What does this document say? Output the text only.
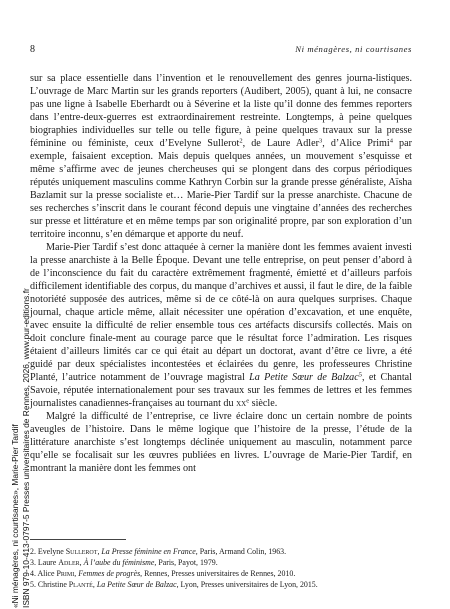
8	Ni ménagères, ni courtisanes

sur sa place essentielle dans l’invention et le renouvellement des genres journa-listiques. L’ouvrage de Marc Martin sur les grands reporters (Audibert, 2005), quant à lui, ne consacre pas une ligne à Isabelle Eberhardt ou à Séverine et la liste qu’il donne des femmes reporters dans l’entre-deux-guerres est extraordinairement restreinte. Longtemps, à peine quelques biographies individuelles sur telle ou telle figure, à peine quelques travaux sur la presse féminine ou féministe, ceux d’Evelyne Sullerot$^2$, de Laure Adler$^3$, d’Alice Primi$^4$ par exemple, faisaient exception. Mais depuis quelques années, un mouvement s’esquisse et même s’affirme avec de jeunes chercheuses qui se plongent dans des corpus périodiques réputés uniquement masculins comme Kathryn Corbin sur la grande presse généraliste, Aïsha Bazlamit sur la presse socialiste et… Marie-Pier Tardif sur la presse anarchiste. Chacune de ses recherches s’inscrit dans le courant fécond depuis une vingtaine d’années des recherches sur presse et littérature et en même temps par son originalité propre, par son exploration d’un territoire inconnu, s’en démarque et apporte du neuf.

Marie-Pier Tardif s’est donc attaquée à cerner la manière dont les femmes avaient investi la presse anarchiste à la Belle Époque. Devant une telle entreprise, on peut penser d’abord à de l’inconscience du fait du caractère extrêmement fragmenté, émietté et d’ailleurs parfois difficilement identifiable des corpus, du manque d’archives et aussi, il faut le dire, de la faible notoriété supposée des autrices, même si de ce côté-là on aura quelques surprises. Chaque journal, chaque article même, allait nécessiter une opération d’excavation, et une enquête, avec ensuite la difficulté de relier ensemble tous ces artéfacts discursifs collectés. Mais on doit conclure finale-ment au courage parce que le résultat force l’admiration. Les risques étaient d’ailleurs limités car ce qui était au départ un doctorat, avant d’être ce livre, a été guidé par deux spécialistes incontestées et éclairées du genre, les professeures Christine Planté, l’autrice notamment de l’ouvrage magistral La Petite Sœur de Balzac$^5$, et Chantal Savoie, réputée internationalement pour ses travaux sur les femmes de lettres et les femmes journalistes canadiennes-françaises au tournant du $xx^e$ siècle.

Malgré la difficulté de l’entreprise, ce livre éclaire donc un certain nombre de points aveugles de l’histoire. Dans le même logique que l’histoire de la presse, l’étude de la littérature anarchiste s’est longtemps déclinée uniquement au masculin, notamment parce qu’elle se focalisait sur les œuvres publiées en livres. L’ouvrage de Marie-Pier Tardif, en montrant la manière dont les femmes ont

2. Evelyne Sullerot, La Presse féminine en France, Paris, Armand Colin, 1963.
3. Laure Adler, À l’aube du féminisme, Paris, Payot, 1979.
4. Alice Primi, Femmes de progrès, Rennes, Presses universitaires de Rennes, 2010.
5. Christine Planté, La Petite Sœur de Balzac, Lyon, Presses universitaires de Lyon, 2015.
«Ni ménagères, ni courtisanes», Marie-Pier Tardif ISBN 979-10-413-0797-5 Presses universitaires de Rennes, 2026, www.pur-editions.fr
